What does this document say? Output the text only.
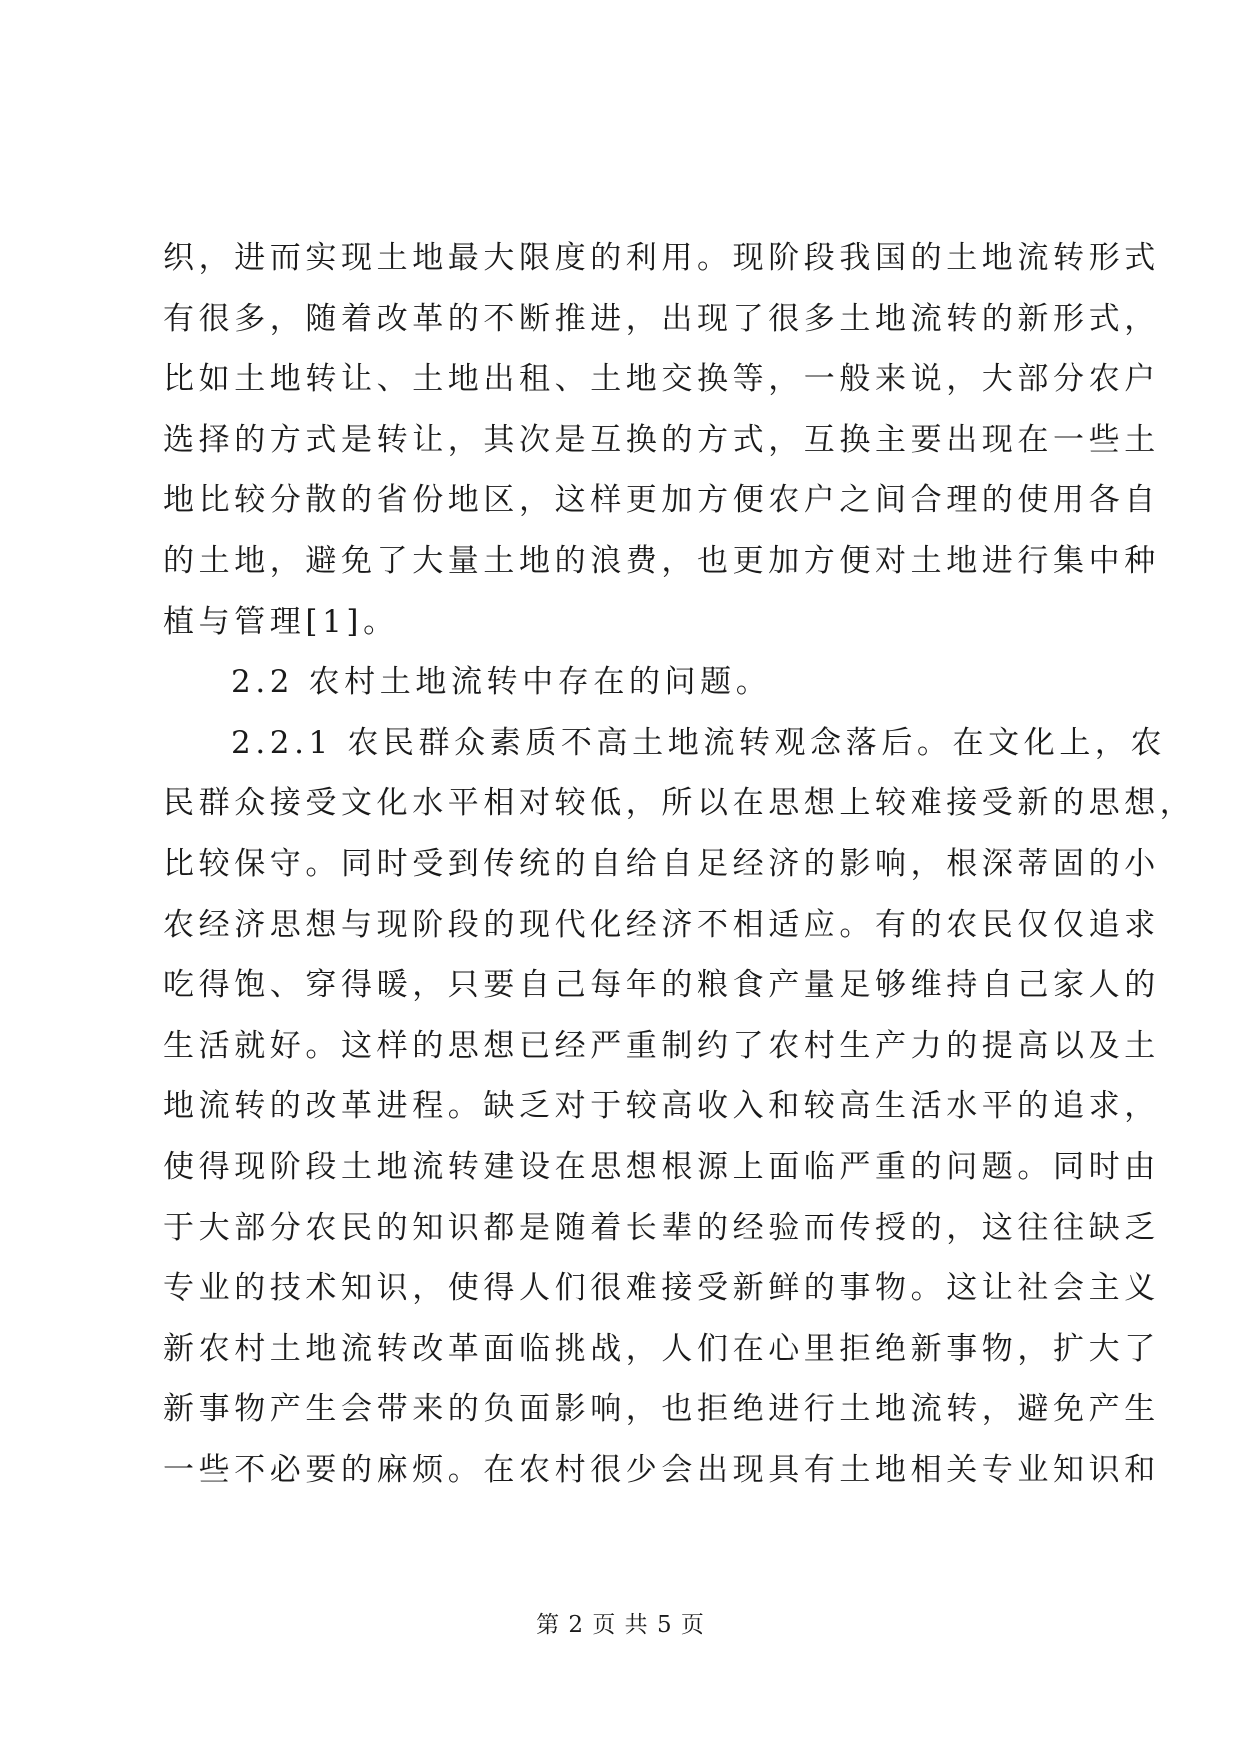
织，进而实现土地最大限度的利用。现阶段我国的土地流转形式
有很多，随着改革的不断推进，出现了很多土地流转的新形式，
比如土地转让、土地出租、土地交换等，一般来说，大部分农户
选择的方式是转让，其次是互换的方式，互换主要出现在一些土
地比较分散的省份地区，这样更加方便农户之间合理的使用各自
的土地，避免了大量土地的浪费，也更加方便对土地进行集中种
植与管理[1]。
2.2 农村土地流转中存在的问题。
2.2.1 农民群众素质不高土地流转观念落后。在文化上，农
民群众接受文化水平相对较低，所以在思想上较难接受新的思想，
比较保守。同时受到传统的自给自足经济的影响，根深蒂固的小
农经济思想与现阶段的现代化经济不相适应。有的农民仅仅追求
吃得饱、穿得暖，只要自己每年的粮食产量足够维持自己家人的
生活就好。这样的思想已经严重制约了农村生产力的提高以及土
地流转的改革进程。缺乏对于较高收入和较高生活水平的追求，
使得现阶段土地流转建设在思想根源上面临严重的问题。同时由
于大部分农民的知识都是随着长辈的经验而传授的，这往往缺乏
专业的技术知识，使得人们很难接受新鲜的事物。这让社会主义
新农村土地流转改革面临挑战，人们在心里拒绝新事物，扩大了
新事物产生会带来的负面影响，也拒绝进行土地流转，避免产生
一些不必要的麻烦。在农村很少会出现具有土地相关专业知识和
第 2 页 共 5 页
